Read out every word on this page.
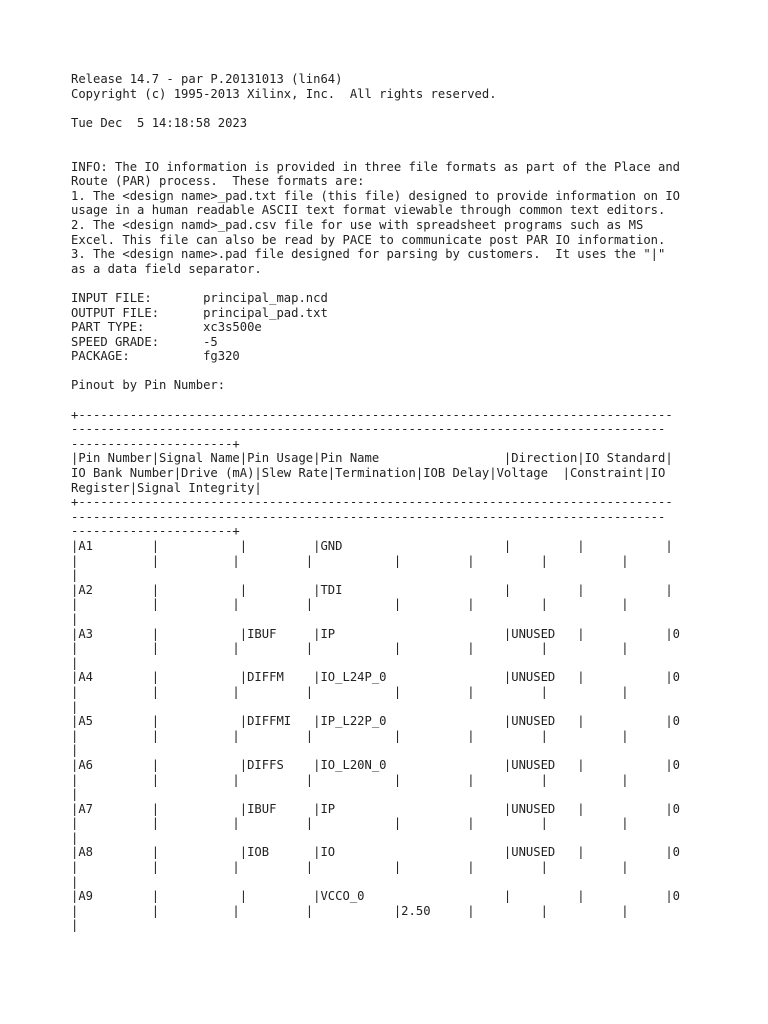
Release 14.7 - par P.20131013 (lin64)
Copyright (c) 1995-2013 Xilinx, Inc.  All rights reserved.
Tue Dec  5 14:18:58 2023
INFO: The IO information is provided in three file formats as part of the Place and
Route (PAR) process.  These formats are:
1. The <design name>_pad.txt file (this file) designed to provide information on IO
usage in a human readable ASCII text format viewable through common text editors.
2. The <design namd>_pad.csv file for use with spreadsheet programs such as MS
Excel. This file can also be read by PACE to communicate post PAR IO information.
3. The <design name>.pad file designed for parsing by customers.  It uses the "|"
as a data field separator.
INPUT FILE:       principal_map.ncd
OUTPUT FILE:      principal_pad.txt
PART TYPE:        xc3s500e
SPEED GRADE:      -5
PACKAGE:          fg320
Pinout by Pin Number:
+---------------------------------------------------------------------------------
---------------------------------------------------------------------------------
----------------------+
|Pin Number|Signal Name|Pin Usage|Pin Name                 |Direction|IO Standard|
IO Bank Number|Drive (mA)|Slew Rate|Termination|IOB Delay|Voltage  |Constraint|IO
Register|Signal Integrity|
+---------------------------------------------------------------------------------
---------------------------------------------------------------------------------
----------------------+
|A1        |           |         |GND                      |         |           |
|          |          |         |           |         |         |          |
|
|A2        |           |         |TDI                      |         |           |
|          |          |         |           |         |         |          |
|
|A3        |           |IBUF     |IP                       |UNUSED   |           |0
|          |          |         |           |         |         |          |
|
|A4        |           |DIFFM    |IO_L24P_0                |UNUSED   |           |0
|          |          |         |           |         |         |          |
|
|A5        |           |DIFFMI   |IP_L22P_0                |UNUSED   |           |0
|          |          |         |           |         |         |          |
|
|A6        |           |DIFFS    |IO_L20N_0                |UNUSED   |           |0
|          |          |         |           |         |         |          |
|
|A7        |           |IBUF     |IP                       |UNUSED   |           |0
|          |          |         |           |         |         |          |
|
|A8        |           |IOB      |IO                       |UNUSED   |           |0
|          |          |         |           |         |         |          |
|
|A9        |           |         |VCCO_0                   |         |           |0
|          |          |         |           |2.50     |         |          |
|
